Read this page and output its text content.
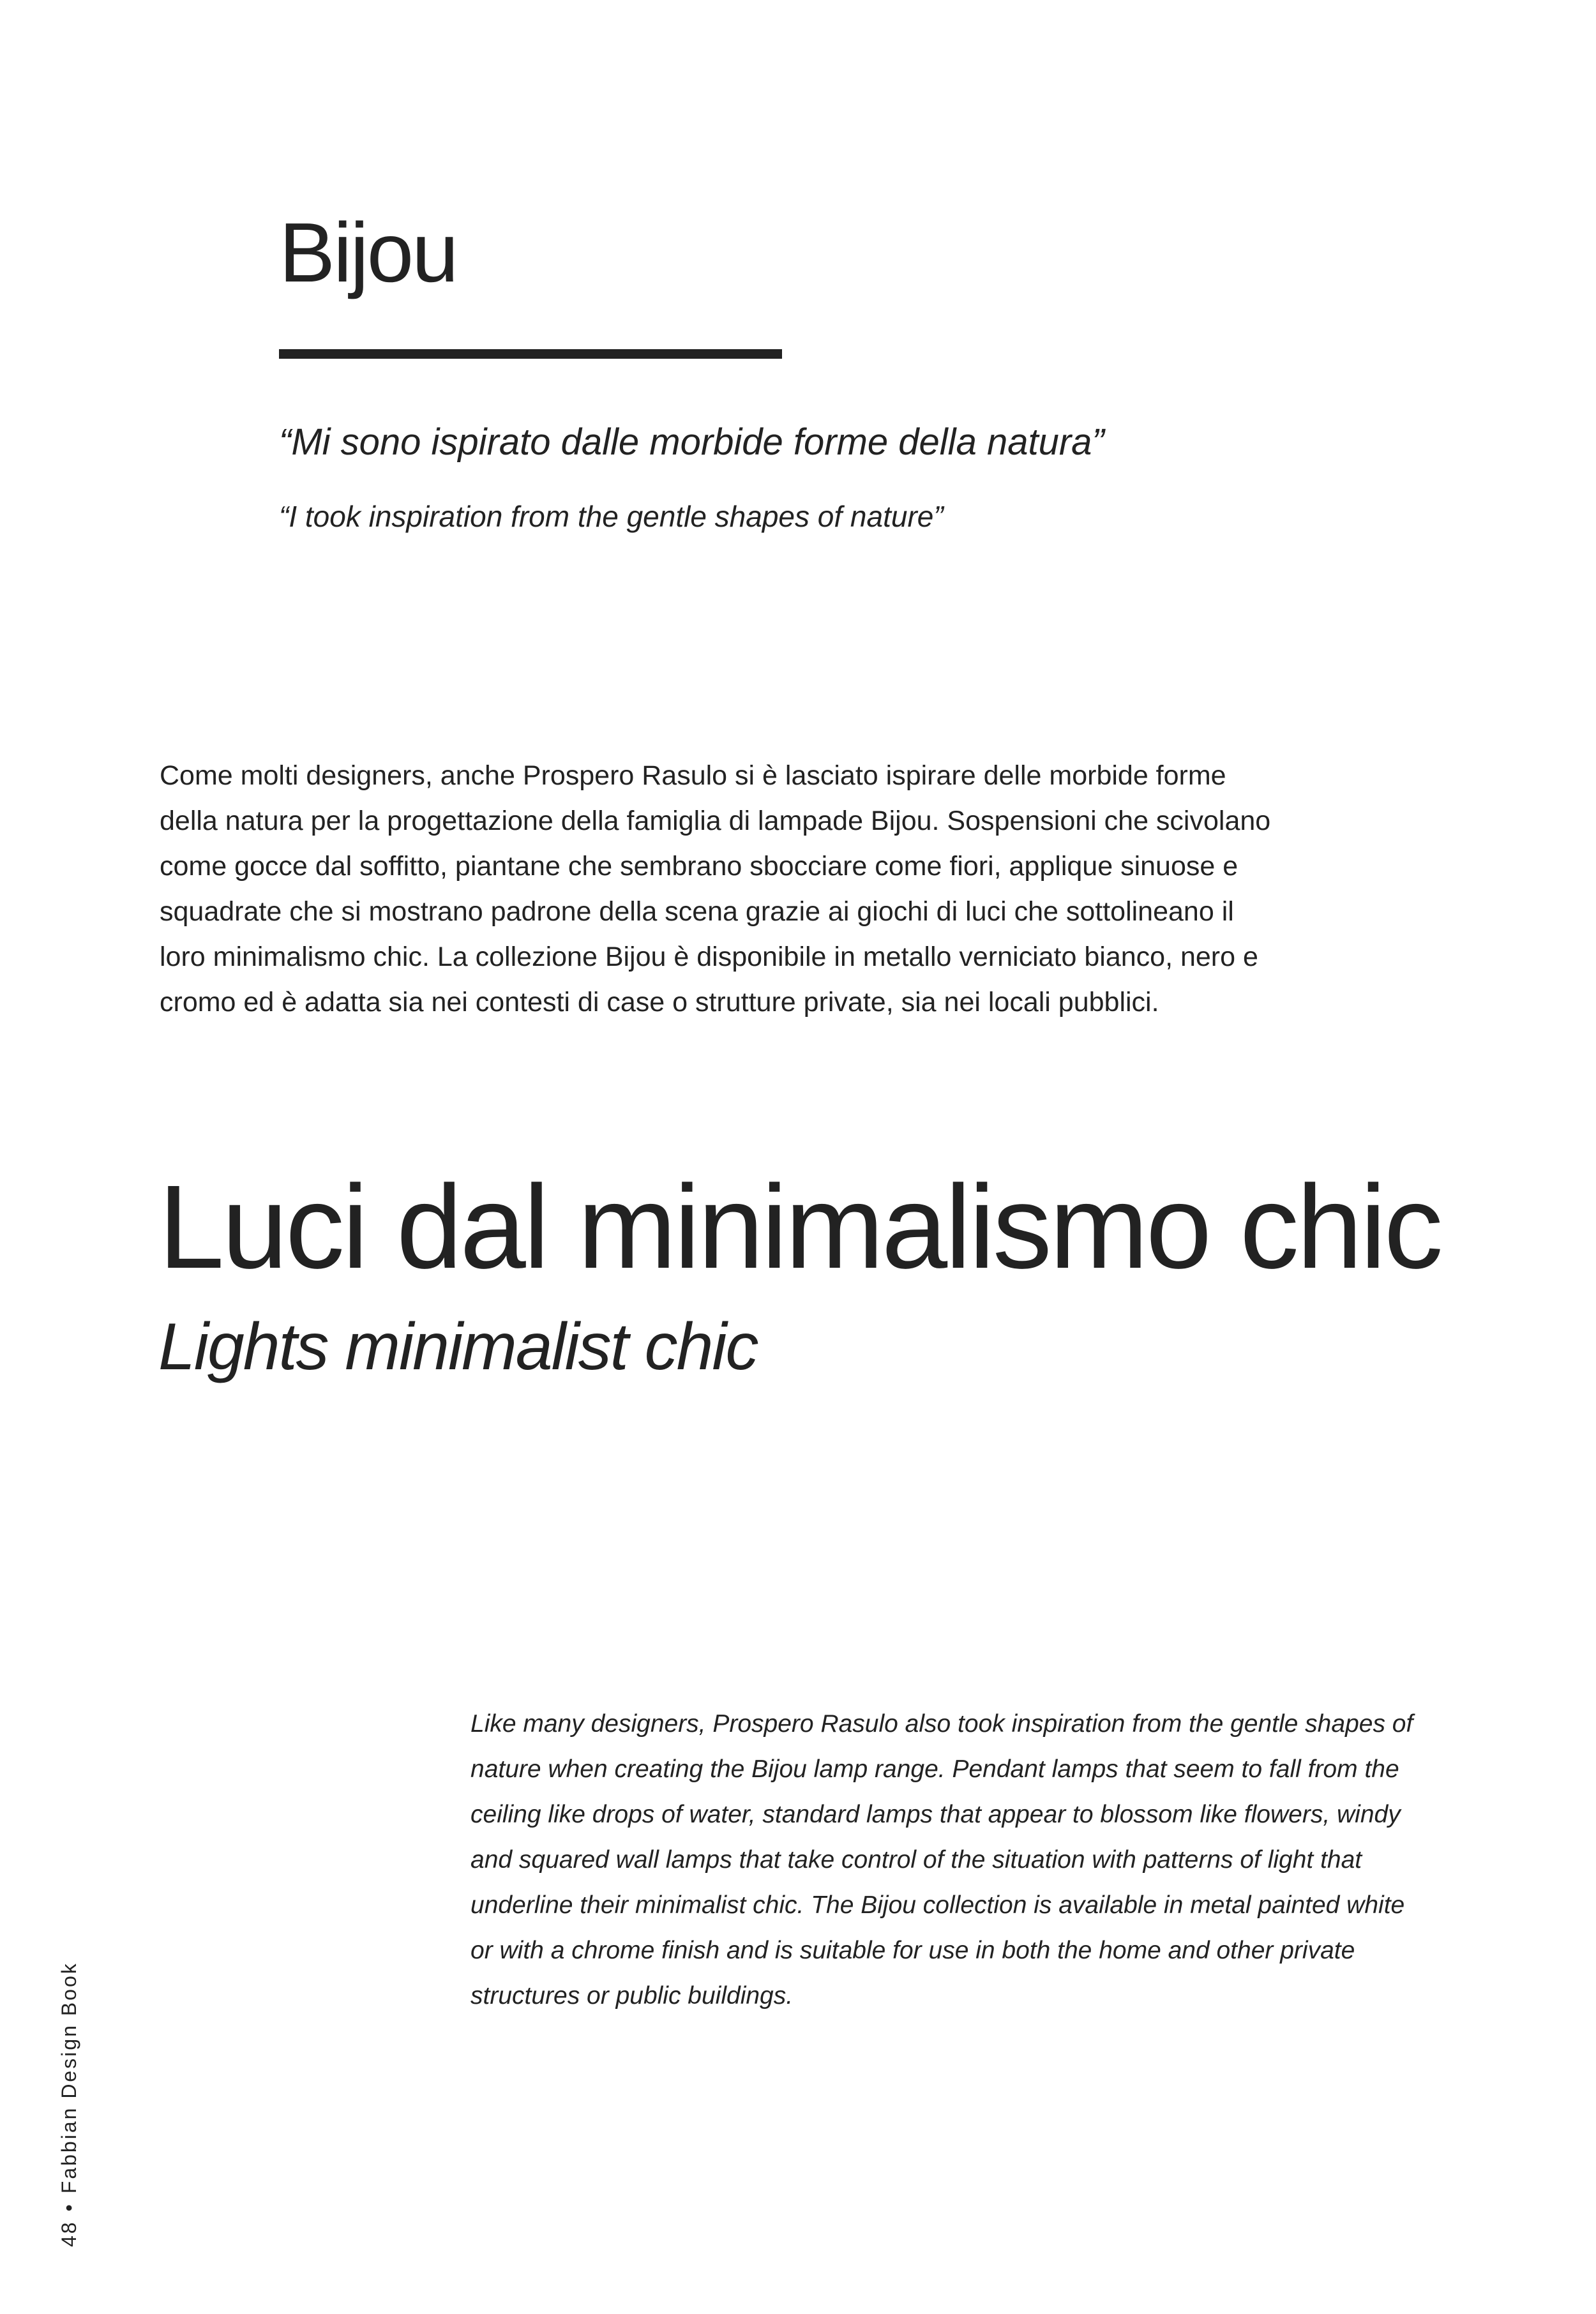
Bijou

“Mi sono ispirato dalle morbide forme della natura”

“I took inspiration from the gentle shapes of nature”

Come molti designers, anche Prospero Rasulo si è lasciato ispirare delle morbide forme
della natura per la progettazione della famiglia di lampade Bijou. Sospensioni che scivolano
come gocce dal soffitto, piantane che sembrano sbocciare come fiori, applique sinuose e
squadrate che si mostrano padrone della scena grazie ai giochi di luci che sottolineano il
loro minimalismo chic. La collezione Bijou è disponibile in metallo verniciato bianco, nero e
cromo ed è adatta sia nei contesti di case o strutture private, sia nei locali pubblici.

Luci dal minimalismo chic
Lights minimalist chic

Like many designers, Prospero Rasulo also took inspiration from the gentle shapes of
nature when creating the Bijou lamp range. Pendant lamps that seem to fall from the
ceiling like drops of water, standard lamps that appear to blossom like flowers, windy
and squared wall lamps that take control of the situation with patterns of light that
underline their minimalist chic. The Bijou collection is available in metal painted white
or with a chrome finish and is suitable for use in both the home and other private
structures or public buildings.

48•Fabbian Design Book
